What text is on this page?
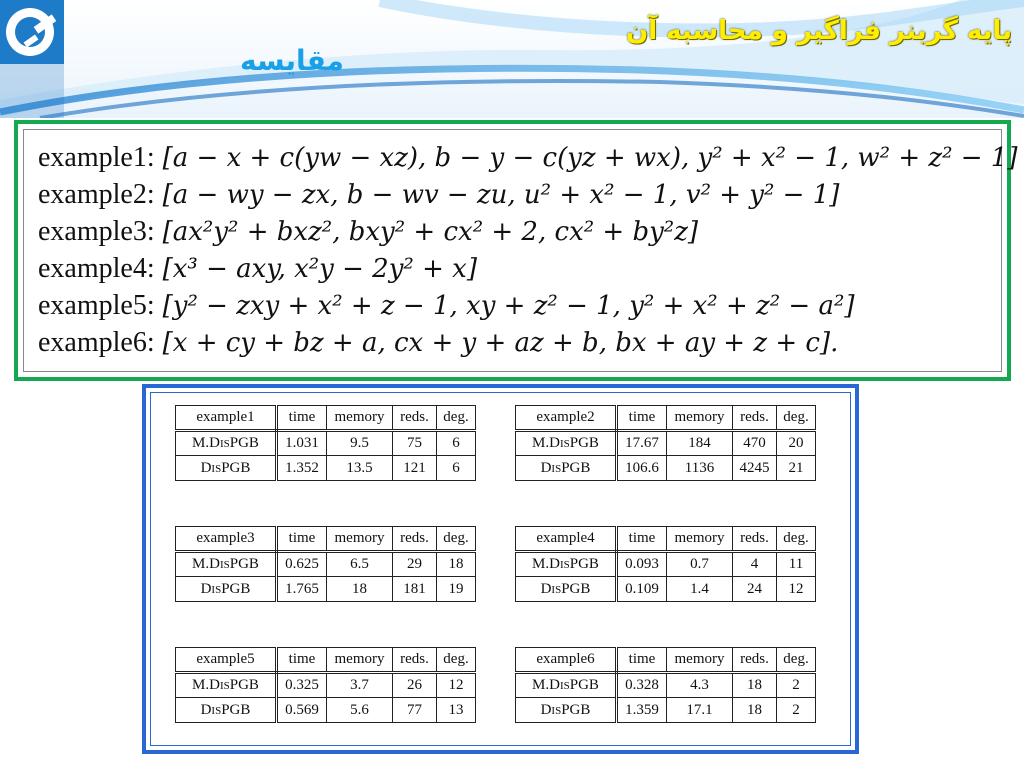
پایه گربنر فراگیر و محاسبه آن
مقایسه
example1: [a − x + c(yw − xz), b − y − c(yz + wx), y² + x² − 1, w² + z² − 1]
example2: [a − wy − zx, b − wv − zu, u² + x² − 1, v² + y² − 1]
example3: [ax²y² + bxz², bxy² + cx² + 2, cx² + by²z]
example4: [x³ − axy, x²y − 2y² + x]
example5: [y² − zxy + x² + z − 1, xy + z² − 1, y² + x² + z² − a²]
example6: [x + cy + bz + a, cx + y + az + b, bx + ay + z + c].
example1	time	memory	reds.	deg.
M.DisPGB	1.031	9.5	75	6
DisPGB	1.352	13.5	121	6
example2	time	memory	reds.	deg.
M.DisPGB	17.67	184	470	20
DisPGB	106.6	1136	4245	21
example3	time	memory	reds.	deg.
M.DisPGB	0.625	6.5	29	18
DisPGB	1.765	18	181	19
example4	time	memory	reds.	deg.
M.DisPGB	0.093	0.7	4	11
DisPGB	0.109	1.4	24	12
example5	time	memory	reds.	deg.
M.DisPGB	0.325	3.7	26	12
DisPGB	0.569	5.6	77	13
example6	time	memory	reds.	deg.
M.DisPGB	0.328	4.3	18	2
DisPGB	1.359	17.1	18	2
